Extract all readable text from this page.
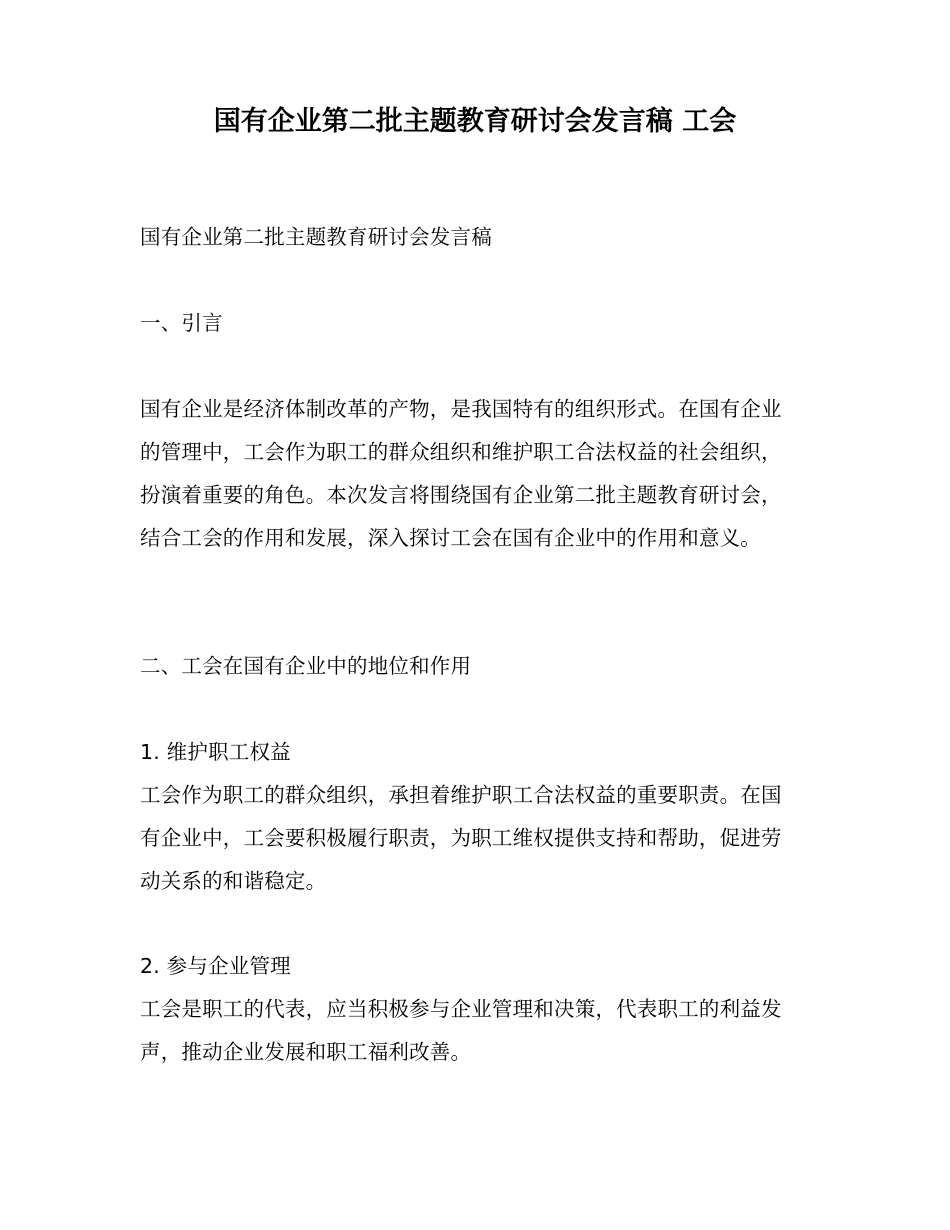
国有企业第二批主题教育研讨会发言稿 工会

国有企业第二批主题教育研讨会发言稿

一、引言

国有企业是经济体制改革的产物，是我国特有的组织形式。在国有企业的管理中，工会作为职工的群众组织和维护职工合法权益的社会组织，扮演着重要的角色。本次发言将围绕国有企业第二批主题教育研讨会，结合工会的作用和发展，深入探讨工会在国有企业中的作用和意义。

二、工会在国有企业中的地位和作用

1. 维护职工权益
工会作为职工的群众组织，承担着维护职工合法权益的重要职责。在国有企业中，工会要积极履行职责，为职工维权提供支持和帮助，促进劳动关系的和谐稳定。
2. 参与企业管理
工会是职工的代表，应当积极参与企业管理和决策，代表职工的利益发声，推动企业发展和职工福利改善。
